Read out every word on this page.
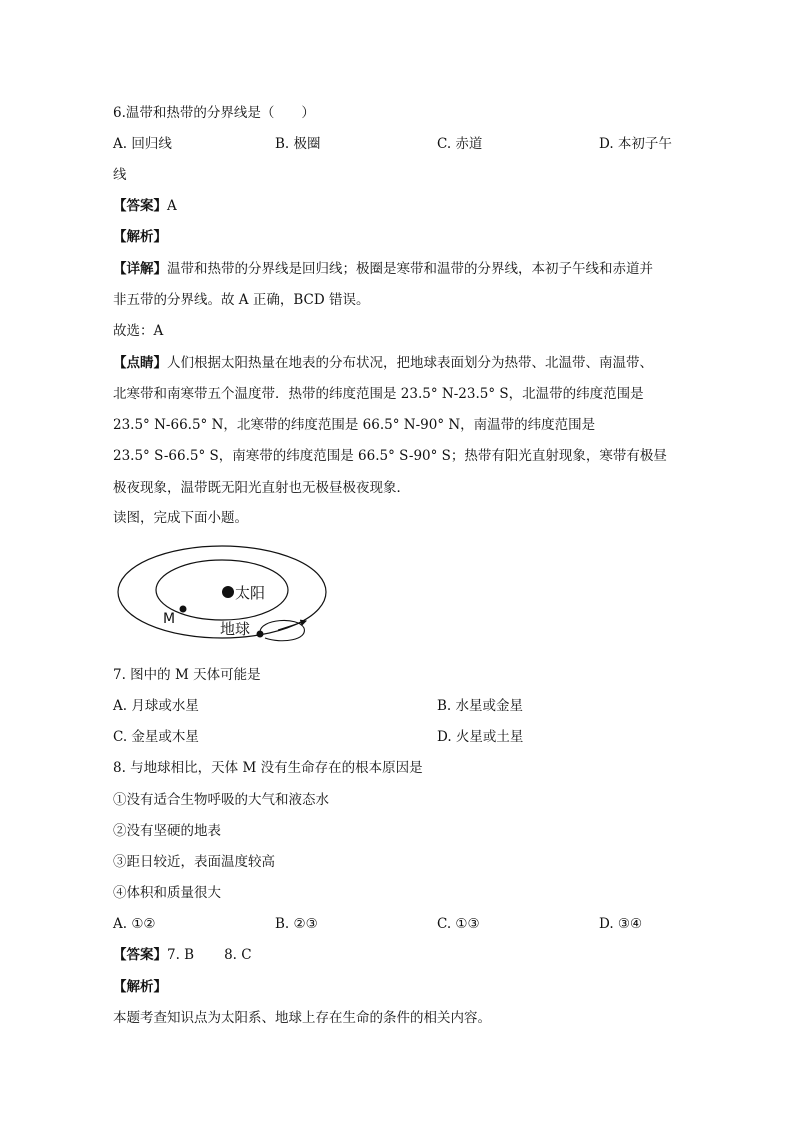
6.温带和热带的分界线是（　　）
A. 回归线	B. 极圈	C. 赤道	D. 本初子午
线
【答案】A
【解析】
【详解】温带和热带的分界线是回归线；极圈是寒带和温带的分界线，本初子午线和赤道并
非五带的分界线。故 A 正确，BCD 错误。
故选：A
【点睛】人们根据太阳热量在地表的分布状况，把地球表面划分为热带、北温带、南温带、
北寒带和南寒带五个温度带．热带的纬度范围是 23.5° N-23.5° S，北温带的纬度范围是
23.5° N-66.5° N，北寒带的纬度范围是 66.5° N-90° N，南温带的纬度范围是
23.5° S-66.5° S，南寒带的纬度范围是 66.5° S-90° S；热带有阳光直射现象，寒带有极昼
极夜现象，温带既无阳光直射也无极昼极夜现象．
读图，完成下面小题。
太阳
M
地球
7. 图中的 M 天体可能是
A. 月球或水星	B. 水星或金星
C. 金星或木星	D. 火星或土星
8. 与地球相比，天体 M 没有生命存在的根本原因是
①没有适合生物呼吸的大气和液态水
②没有坚硬的地表
③距日较近，表面温度较高
④体积和质量很大
A. ①②	B. ②③	C. ①③	D. ③④
【答案】7. B 8. C
【解析】
本题考查知识点为太阳系、地球上存在生命的条件的相关内容。
